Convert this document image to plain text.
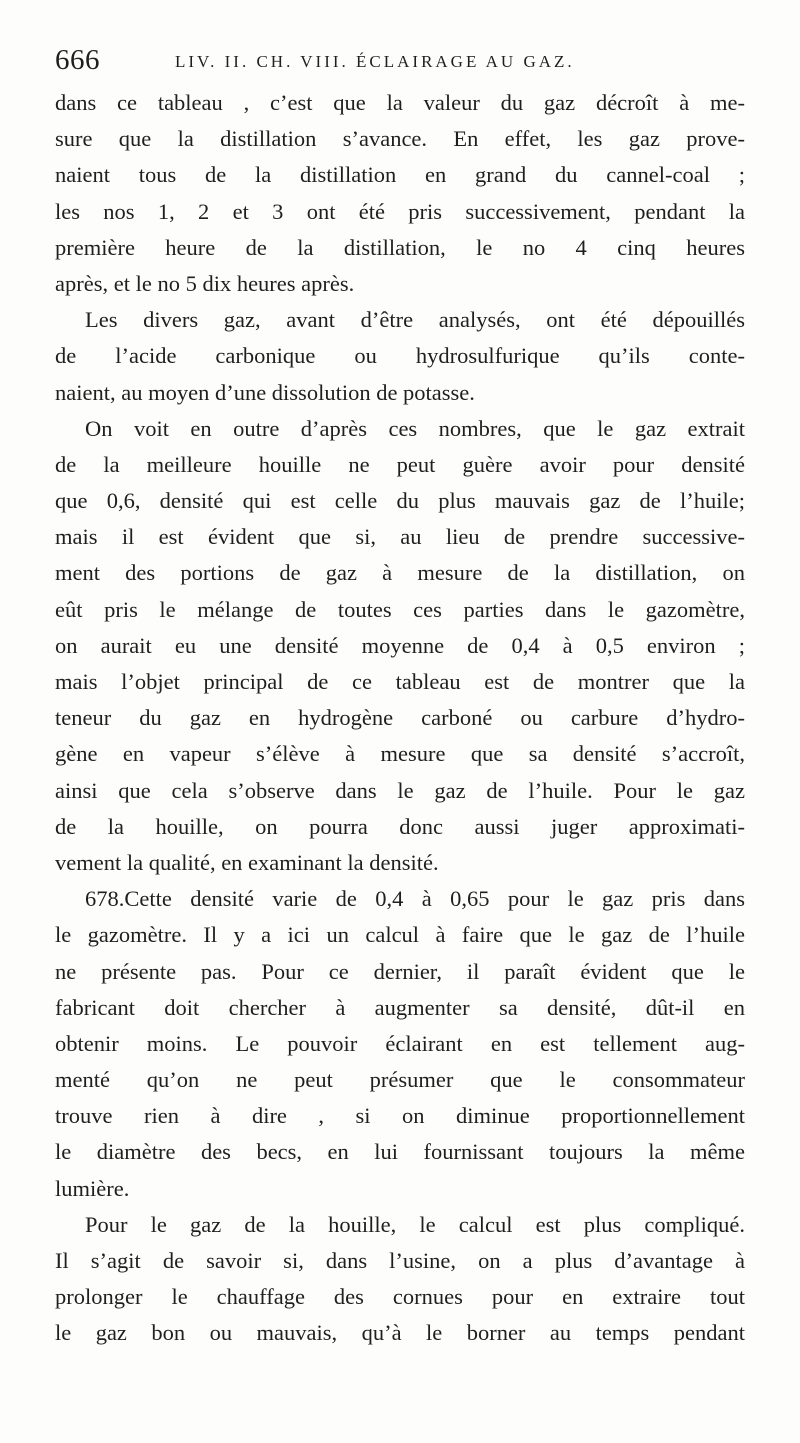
666	LIV. II. CH. VIII. ÉCLAIRAGE AU GAZ.
dans ce tableau , c’est que la valeur du gaz décroît à me-
sure que la distillation s’avance. En effet, les gaz prove-
naient tous de la distillation en grand du cannel-coal ;
les nos 1, 2 et 3 ont été pris successivement, pendant la
première heure de la distillation, le no 4 cinq heures
après, et le no 5 dix heures après.
Les divers gaz, avant d’être analysés, ont été dépouillés
de l’acide carbonique ou hydrosulfurique qu’ils conte-
naient, au moyen d’une dissolution de potasse.
On voit en outre d’après ces nombres, que le gaz extrait
de la meilleure houille ne peut guère avoir pour densité
que 0,6, densité qui est celle du plus mauvais gaz de l’huile;
mais il est évident que si, au lieu de prendre successive-
ment des portions de gaz à mesure de la distillation, on
eût pris le mélange de toutes ces parties dans le gazomètre,
on aurait eu une densité moyenne de 0,4 à 0,5 environ ;
mais l’objet principal de ce tableau est de montrer que la
teneur du gaz en hydrogène carboné ou carbure d’hydro-
gène en vapeur s’élève à mesure que sa densité s’accroît,
ainsi que cela s’observe dans le gaz de l’huile. Pour le gaz
de la houille, on pourra donc aussi juger approximati-
vement la qualité, en examinant la densité.
678.Cette densité varie de 0,4 à 0,65 pour le gaz pris dans
le gazomètre. Il y a ici un calcul à faire que le gaz de l’huile
ne présente pas. Pour ce dernier, il paraît évident que le
fabricant doit chercher à augmenter sa densité, dût-il en
obtenir moins. Le pouvoir éclairant en est tellement aug-
menté qu’on ne peut présumer que le consommateur
trouve rien à dire , si on diminue proportionnellement
le diamètre des becs, en lui fournissant toujours la même
lumière.
Pour le gaz de la houille, le calcul est plus compliqué.
Il s’agit de savoir si, dans l’usine, on a plus d’avantage à
prolonger le chauffage des cornues pour en extraire tout
le gaz bon ou mauvais, qu’à le borner au temps pendant
